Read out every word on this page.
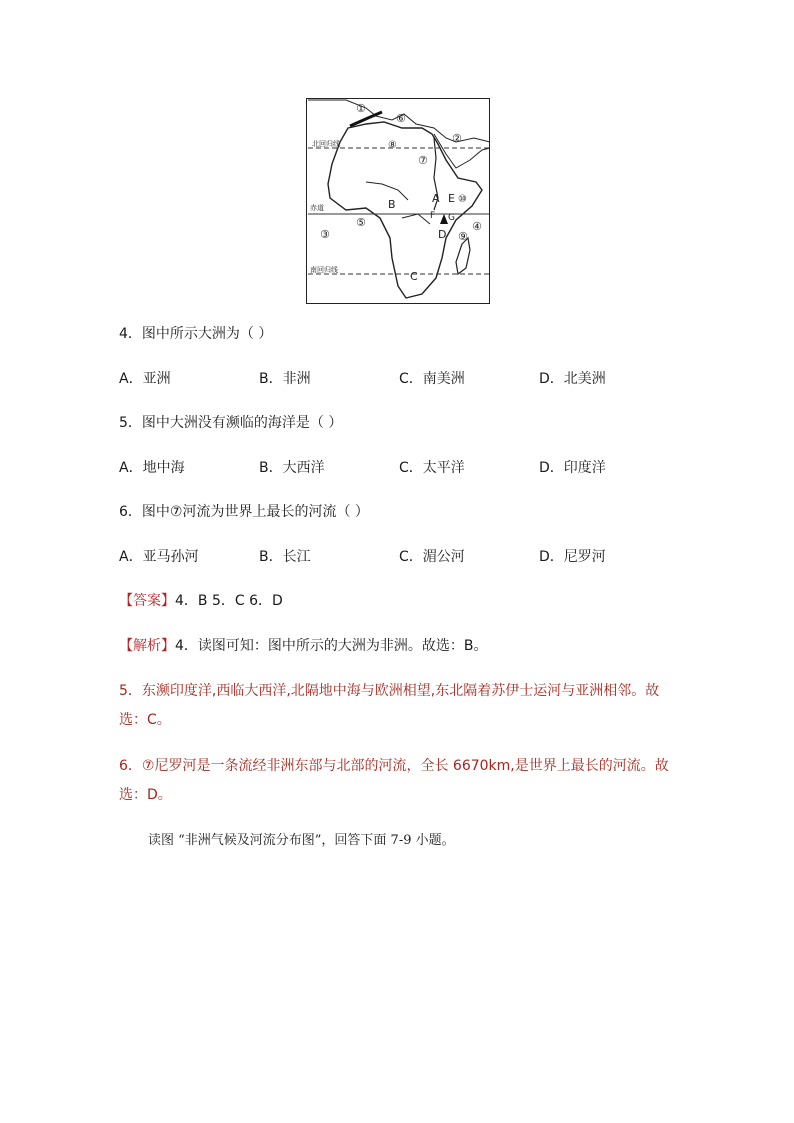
①
②
③
④
⑤
⑥
⑦
⑧
⑨
⑩
北回归线
赤道
南回归线
A
B
C
D
E
F G
4．图中所示大洲为（ ）
A．亚洲	B．非洲	C．南美洲	D．北美洲
5．图中大洲没有濒临的海洋是（ ）
A．地中海	B．大西洋	C．太平洋	D．印度洋
6．图中⑦河流为世界上最长的河流（ ）
A．亚马孙河	B．长江	C．湄公河	D．尼罗河
【答案】4．B 5．C 6．D
【解析】4．读图可知：图中所示的大洲为非洲。故选：B。
5．东濒印度洋,西临大西洋,北隔地中海与欧洲相望,东北隔着苏伊士运河与亚洲相邻。故选：C。
6．⑦尼罗河是一条流经非洲东部与北部的河流，全长 6670km,是世界上最长的河流。故选：D。
读图 “非洲气候及河流分布图”，回答下面 7-9 小题。
